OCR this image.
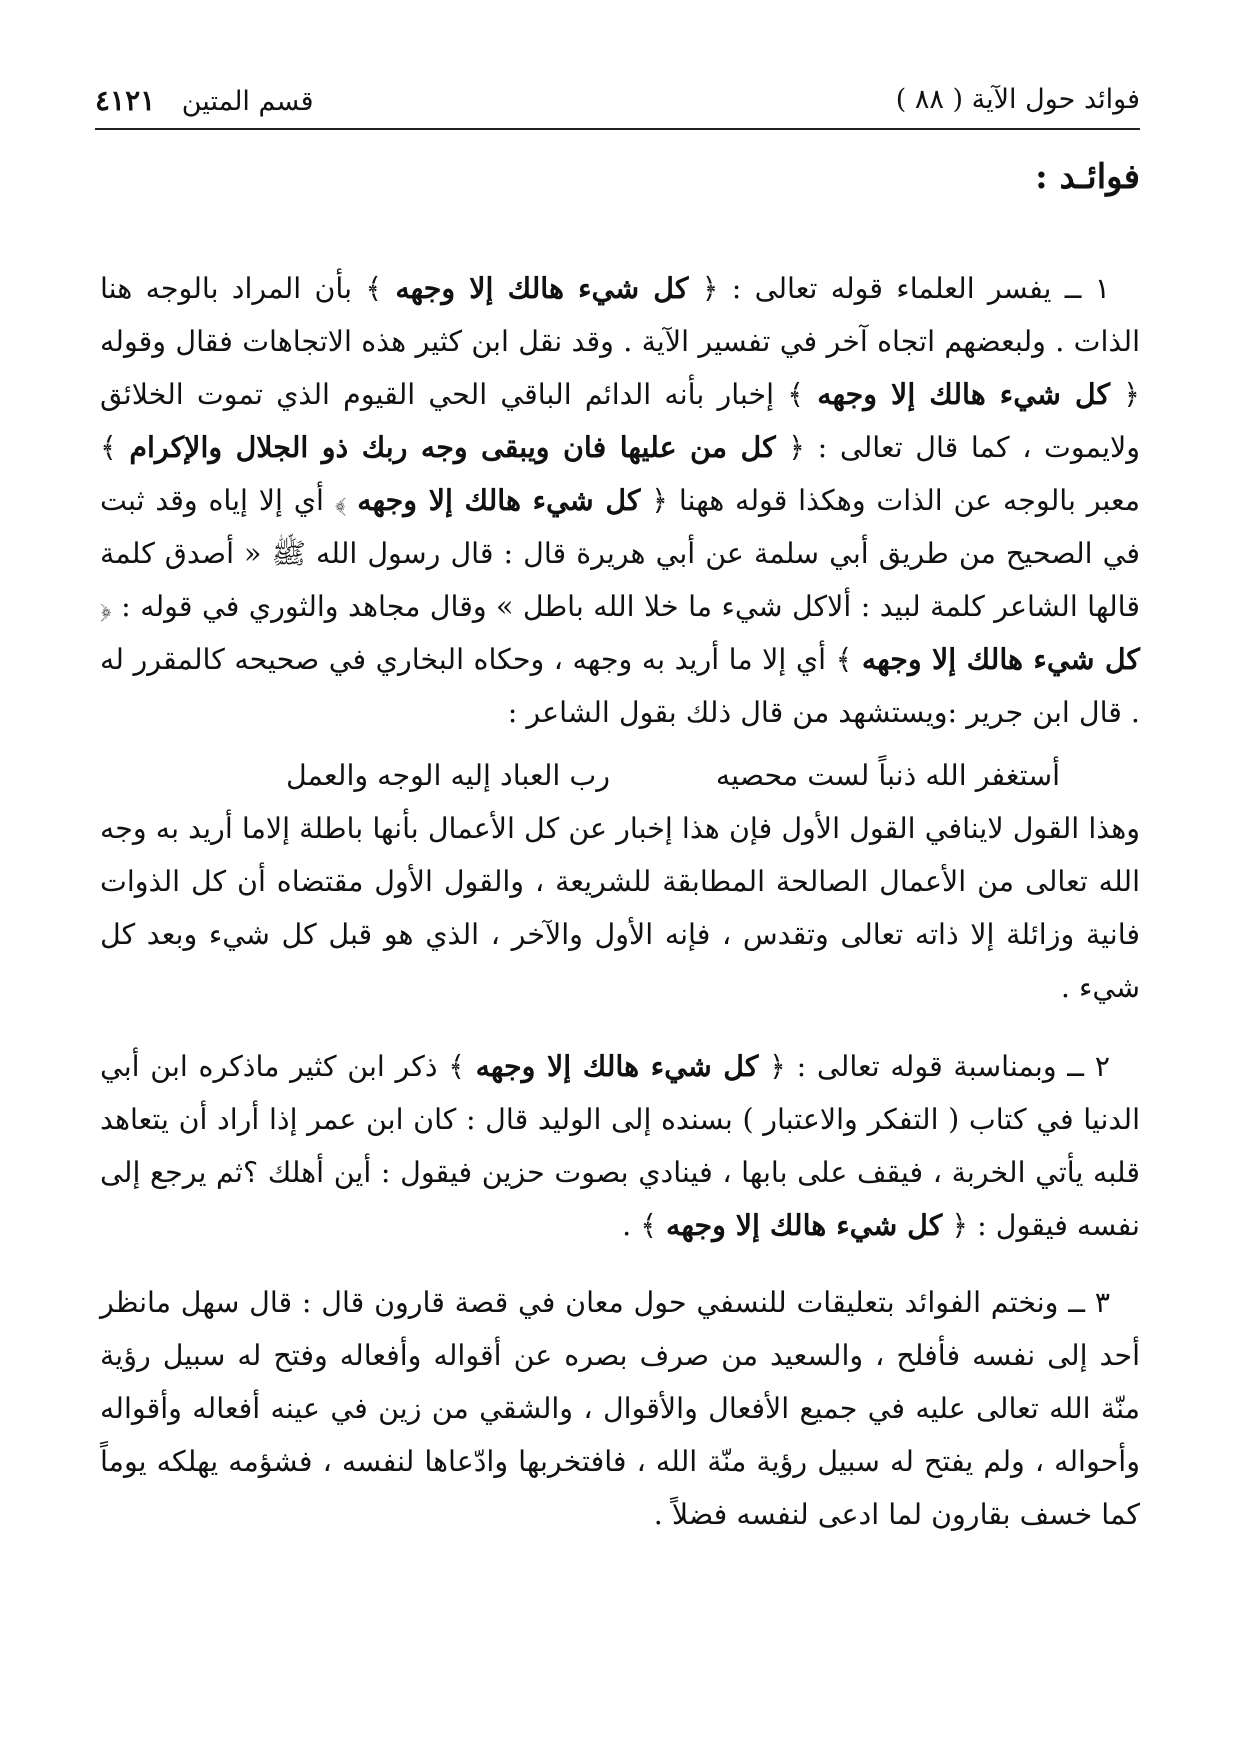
فوائد حول الآية ( ٨٨ )
قسم المتين ٤١٢١
فوائـد :

١ ــ يفسر العلماء قوله تعالى : ﴿ كل شيء هالك إلا وجهه ﴾ بأن المراد بالوجه هنا الذات . ولبعضهم اتجاه آخر في تفسير الآية . وقد نقل ابن كثير هذه الاتجاهات فقال وقوله ﴿ كل شيء هالك إلا وجهه ﴾ إخبار بأنه الدائم الباقي الحي القيوم الذي تموت الخلائق ولايموت ، كما قال تعالى : ﴿ كل من عليها فان ويبقى وجه ربك ذو الجلال والإكرام ﴾ معبر بالوجه عن الذات وهكذا قوله ههنا ﴿ كل شيء هالك إلا وجهه ﴾ أي إلا إياه وقد ثبت في الصحيح من طريق أبي سلمة عن أبي هريرة قال : قال رسول الله ﷺ « أصدق كلمة قالها الشاعر كلمة لبيد : ألاكل شيء ما خلا الله باطل » وقال مجاهد والثوري في قوله : ﴿ كل شيء هالك إلا وجهه ﴾ أي إلا ما أريد به وجهه ، وحكاه البخاري في صحيحه كالمقرر له . قال ابن جرير :ويستشهد من قال ذلك بقول الشاعر :

أستغفر الله ذنباً لست محصيه
رب العباد إليه الوجه والعمل

وهذا القول لاينافي القول الأول فإن هذا إخبار عن كل الأعمال بأنها باطلة إلاما أريد به وجه الله تعالى من الأعمال الصالحة المطابقة للشريعة ، والقول الأول مقتضاه أن كل الذوات فانية وزائلة إلا ذاته تعالى وتقدس ، فإنه الأول والآخر ، الذي هو قبل كل شيء وبعد كل شيء .

٢ ــ وبمناسبة قوله تعالى : ﴿ كل شيء هالك إلا وجهه ﴾ ذكر ابن كثير ماذكره ابن أبي الدنيا في كتاب ( التفكر والاعتبار ) بسنده إلى الوليد قال : كان ابن عمر إذا أراد أن يتعاهد قلبه يأتي الخربة ، فيقف على بابها ، فينادي بصوت حزين فيقول : أين أهلك ؟ثم يرجع إلى نفسه فيقول : ﴿ كل شيء هالك إلا وجهه ﴾ .

٣ ــ ونختم الفوائد بتعليقات للنسفي حول معان في قصة قارون قال : قال سهل مانظر أحد إلى نفسه فأفلح ، والسعيد من صرف بصره عن أقواله وأفعاله وفتح له سبيل رؤية منّة الله تعالى عليه في جميع الأفعال والأقوال ، والشقي من زين في عينه أفعاله وأقواله وأحواله ، ولم يفتح له سبيل رؤية منّة الله ، فافتخربها وادّعاها لنفسه ، فشؤمه يهلكه يوماً كما خسف بقارون لما ادعى لنفسه فضلاً .
